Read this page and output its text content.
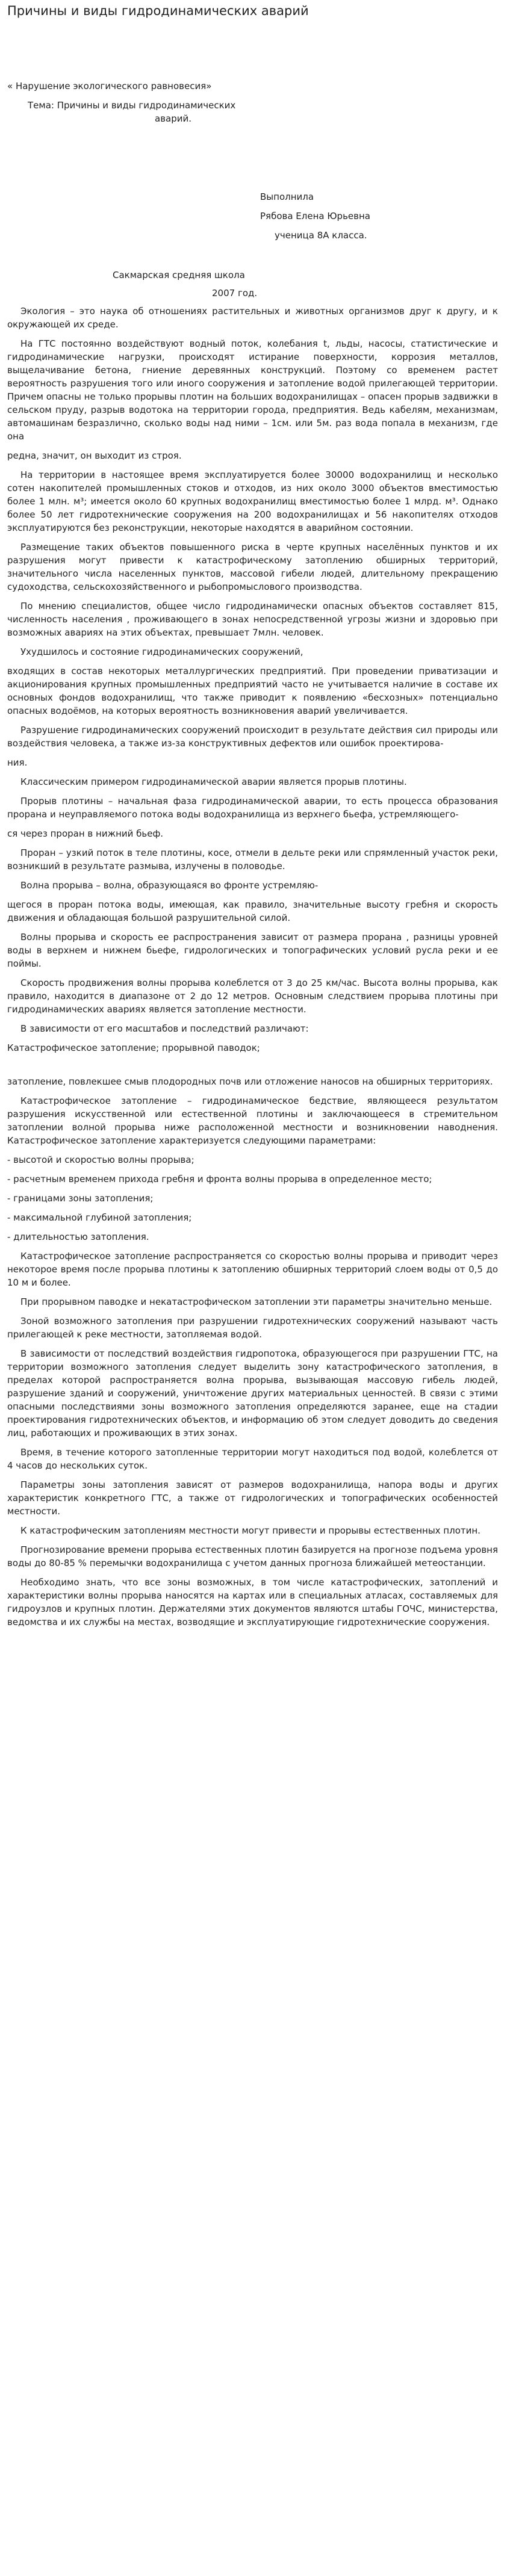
Причины и виды гидродинамических аварий
« Нарушение экологического равновесия»
Тема: Причины и виды гидродинамических
аварий.
Выполнила
Рябова Елена Юрьевна
ученица 8А класса.
Сакмарская средняя школа
2007 год.

Экология – это наука об отношениях растительных и животных организмов друг к другу, и к окружающей их среде.

На ГТС постоянно воздействуют водный поток, колебания t, льды, насосы, статистические и гидродинамические нагрузки, происходят истирание поверхности, коррозия металлов, выщелачивание бетона, гниение деревянных конструкций. Поэтому со временем растет вероятность разрушения того или иного сооружения и затопление водой прилегающей территории. Причем опасны не только прорывы плотин на больших водохранилищах – опасен прорыв задвижки в сельском пруду, разрыв водотока на территории города, предприятия. Ведь кабелям, механизмам, автомашинам безразлично, сколько воды над ними – 1см. или 5м. раз вода попала в механизм, где она

редна, значит, он выходит из строя.

На территории в настоящее время эксплуатируется более 30000 водохранилищ и несколько сотен накопителей промышленных стоков и отходов, из них около 3000 объектов вместимостью более 1 млн. м³; имеется около 60 крупных водохранилищ вместимостью более 1 млрд. м³. Однако более 50 лет гидротехнические сооружения на 200 водохранилищах и 56 накопителях отходов эксплуатируются без реконструкции, некоторые находятся в аварийном состоянии.

Размещение таких объектов повышенного риска в черте крупных населённых пунктов и их разрушения могут привести к катастрофическому затоплению обширных территорий, значительного числа населенных пунктов, массовой гибели людей, длительному прекращению судоходства, сельскохозяйственного и рыбопромыслового производства.

По мнению специалистов, общее число гидродинамически опасных объектов составляет 815, численность населения , проживающего в зонах непосредственной угрозы жизни и здоровью при возможных авариях на этих объектах, превышает 7млн. человек.

Ухудшилось и состояние гидродинамических сооружений,

входящих в состав некоторых металлургических предприятий. При проведении приватизации и акционирования крупных промышленных предприятий часто не учитывается наличие в составе их основных фондов водохранилищ, что также приводит к появлению «бесхозных» потенциально опасных водоёмов, на которых вероятность возникновения аварий увеличивается.

Разрушение гидродинамических сооружений происходит в результате действия сил природы или воздействия человека, а также из-за конструктивных дефектов или ошибок проектирова-

ния.

Классическим примером гидродинамической аварии является прорыв плотины.

Прорыв плотины – начальная фаза гидродинамической аварии, то есть процесса образования прорана и неуправляемого потока воды водохранилища из верхнего бьефа, устремляющего-

ся через проран в нижний бьеф.

Проран – узкий поток в теле плотины, косе, отмели в дельте реки или спрямленный участок реки, возникший в результате размыва, излучены в половодье.

Волна прорыва – волна, образующаяся во фронте устремляю-

щегося в проран потока воды, имеющая, как правило, значительные высоту гребня и скорость движения и обладающая большой разрушительной силой.

Волны прорыва и скорость ее распространения зависит от размера прорана , разницы уровней воды в верхнем и нижнем бьефе, гидрологических и топографических условий русла реки и ее поймы.

Скорость продвижения волны прорыва колеблется от 3 до 25 км/час. Высота волны прорыва, как правило, находится в диапазоне от 2 до 12 метров. Основным следствием прорыва плотины при гидродинамических авариях является затопление местности.

В зависимости от его масштабов и последствий различают:

Катастрофическое затопление; прорывной паводок;

затопление, повлекшее смыв плодородных почв или отложение наносов на обширных территориях.

Катастрофическое затопление – гидродинамическое бедствие, являющееся результатом разрушения искусственной или естественной плотины и заключающееся в стремительном затоплении волной прорыва ниже расположенной местности и возникновении наводнения. Катастрофическое затопление характеризуется следующими параметрами:

- высотой и скоростью волны прорыва;

- расчетным временем прихода гребня и фронта волны прорыва в определенное место;

- границами зоны затопления;

- максимальной глубиной затопления;

- длительностью затопления.

Катастрофическое затопление распространяется со скоростью волны прорыва и приводит через некоторое время после прорыва плотины к затоплению обширных территорий слоем воды от 0,5 до 10 м и более.

При прорывном паводке и некатастрофическом затоплении эти параметры значительно меньше.

Зоной возможного затопления при разрушении гидротехнических сооружений называют часть прилегающей к реке местности, затопляемая водой.

В зависимости от последствий воздействия гидропотока, образующегося при разрушении ГТС, на территории возможного затопления следует выделить зону катастрофического затопления, в пределах которой распространяется волна прорыва, вызывающая массовую гибель людей, разрушение зданий и сооружений, уничтожение других материальных ценностей. В связи с этими опасными последствиями зоны возможного затопления определяются заранее, еще на стадии проектирования гидротехнических объектов, и информацию об этом следует доводить до сведения лиц, работающих и проживающих в этих зонах.

Время, в течение которого затопленные территории могут находиться под водой, колеблется от 4 часов до нескольких суток.

Параметры зоны затопления зависят от размеров водохранилища, напора воды и других характеристик конкретного ГТС, а также от гидрологических и топографических особенностей местности.

К катастрофическим затоплениям местности могут привести и прорывы естественных плотин.

Прогнозирование времени прорыва естественных плотин базируется на прогнозе подъема уровня воды до 80-85 % перемычки водохранилища с учетом данных прогноза ближайшей метеостанции.

Необходимо знать, что все зоны возможных, в том числе катастрофических, затоплений и характеристики волны прорыва наносятся на картах или в специальных атласах, составляемых для гидроузлов и крупных плотин. Держателями этих документов являются штабы ГОЧС, министерства, ведомства и их службы на местах, возводящие и эксплуатирующие гидротехнические сооружения.
